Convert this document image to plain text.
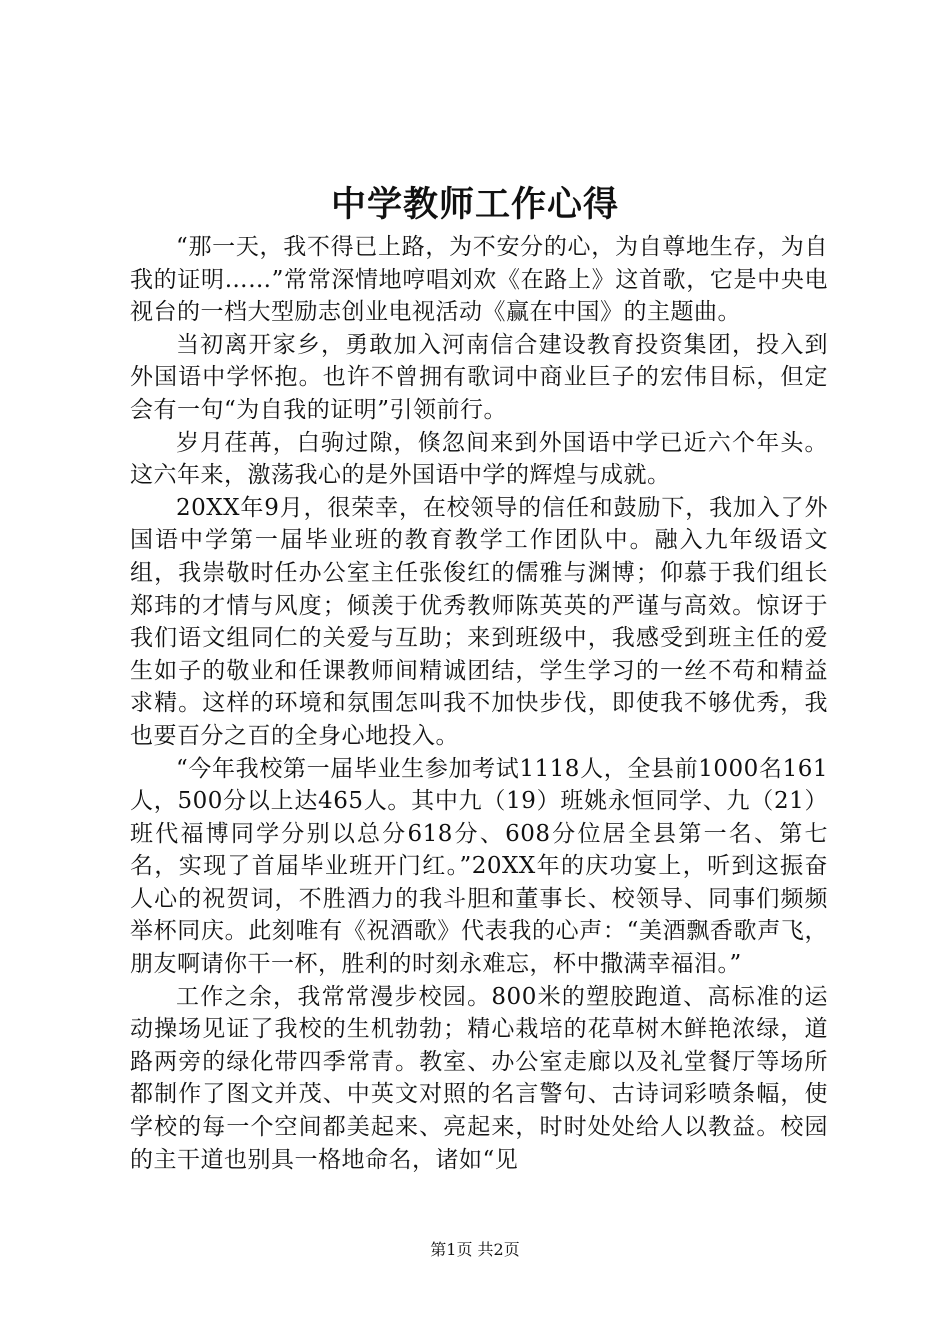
中学教师工作心得

“那一天，我不得已上路，为不安分的心，为自尊地生存，为自我的证明……”常常深情地哼唱刘欢《在路上》这首歌，它是中央电视台的一档大型励志创业电视活动《赢在中国》的主题曲。

当初离开家乡，勇敢加入河南信合建设教育投资集团，投入到外国语中学怀抱。也许不曾拥有歌词中商业巨子的宏伟目标，但定会有一句“为自我的证明”引领前行。

岁月荏苒，白驹过隙，倏忽间来到外国语中学已近六个年头。这六年来，激荡我心的是外国语中学的辉煌与成就。

20XX年9月，很荣幸，在校领导的信任和鼓励下，我加入了外国语中学第一届毕业班的教育教学工作团队中。融入九年级语文组，我崇敬时任办公室主任张俊红的儒雅与渊博；仰慕于我们组长郑玮的才情与风度；倾羡于优秀教师陈英英的严谨与高效。惊讶于我们语文组同仁的关爱与互助；来到班级中，我感受到班主任的爱生如子的敬业和任课教师间精诚团结，学生学习的一丝不苟和精益求精。这样的环境和氛围怎叫我不加快步伐，即使我不够优秀，我也要百分之百的全身心地投入。

“今年我校第一届毕业生参加考试1118人，全县前1000名161人，500分以上达465人。其中九（19）班姚永恒同学、九（21）班代福博同学分别以总分618分、608分位居全县第一名、第七名，实现了首届毕业班开门红。”20XX年的庆功宴上，听到这振奋人心的祝贺词，不胜酒力的我斗胆和董事长、校领导、同事们频频举杯同庆。此刻唯有《祝酒歌》代表我的心声：“美酒飘香歌声飞，朋友啊请你干一杯，胜利的时刻永难忘，杯中撒满幸福泪。”

工作之余，我常常漫步校园。800米的塑胶跑道、高标准的运动操场见证了我校的生机勃勃；精心栽培的花草树木鲜艳浓绿，道路两旁的绿化带四季常青。教室、办公室走廊以及礼堂餐厅等场所都制作了图文并茂、中英文对照的名言警句、古诗词彩喷条幅，使学校的每一个空间都美起来、亮起来，时时处处给人以教益。校园的主干道也别具一格地命名，诸如“见

第1页 共2页
